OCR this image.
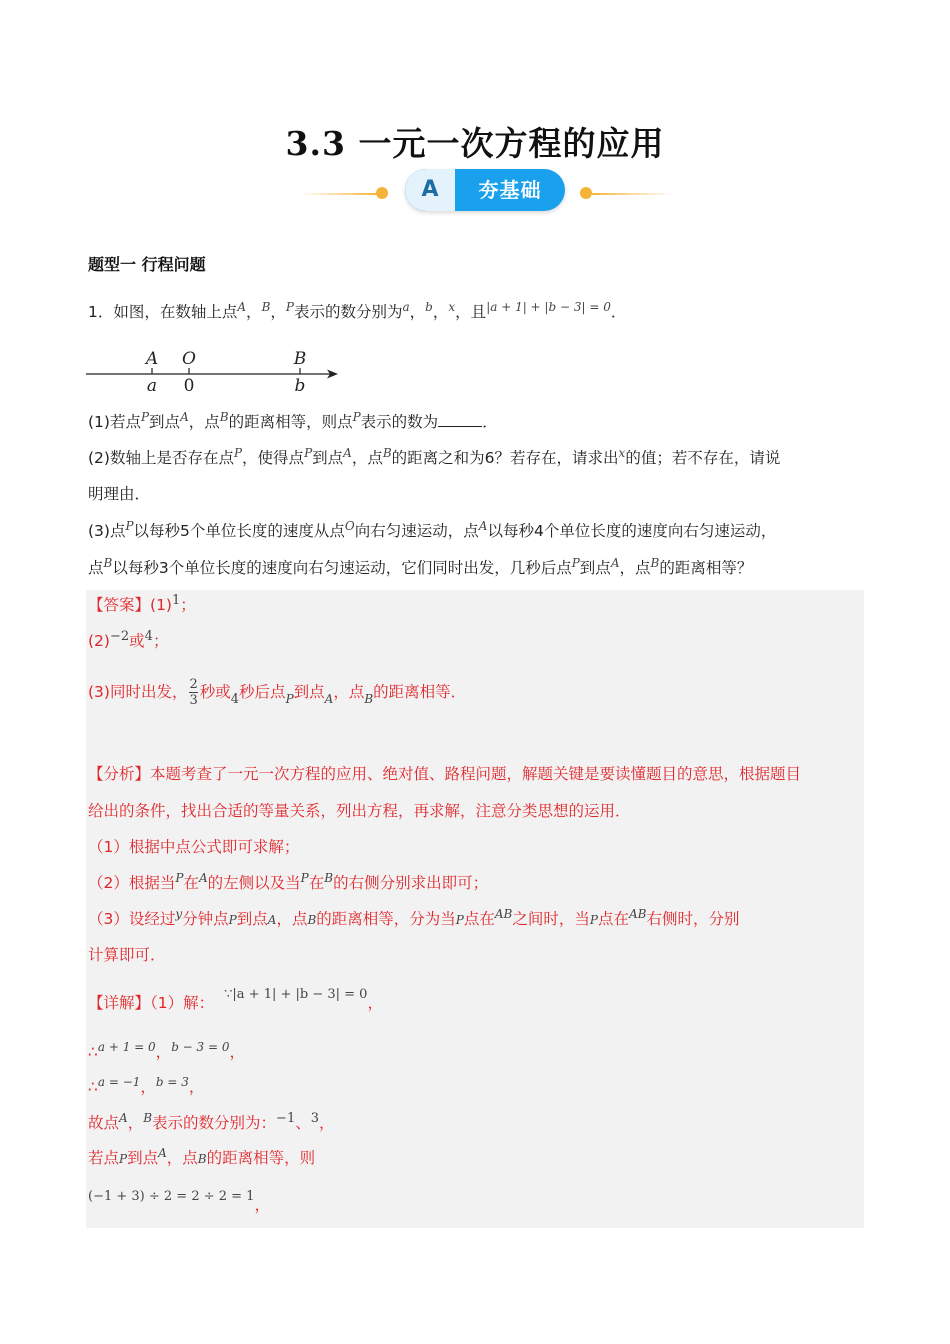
3.3 一元一次方程的应用
A	夯基础
题型一 行程问题
1．如图，在数轴上点$^A$，$^B$，$^P$表示的数分别为$^a$，$^b$，$^x$，且$^{|a + 1| + |b - 3| = 0}$．
A O	B
a 0	b
(1)若点$^P$到点$^A$，点$^B$的距离相等，则点$^P$表示的数为	．
(2)数轴上是否存在点$^P$，使得点$^P$到点$^A$，点$^B$的距离之和为6？若存在，请求出$^x$的值；若不存在，请说
明理由．
(3)点$^P$以每秒5个单位长度的速度从点$^O$向右匀速运动，点$^A$以每秒4个单位长度的速度向右匀速运动，
点$^B$以每秒3个单位长度的速度向右匀速运动，它们同时出发，几秒后点$^P$到点$^A$，点$^B$的距离相等？
【答案】$(1)^1$；
$(2)^{-2}$或$^4$；
(3)同时出发， $\frac{2}{3}$ 秒或$_4$秒后点$_P$到点$_A$，点$_B$的距离相等．
【分析】本题考查了一元一次方程的应用、绝对值、路程问题，解题关键是要读懂题目的意思，根据题目
给出的条件，找出合适的等量关系，列出方程，再求解，注意分类思想的运用．
（1）根据中点公式即可求解；
（2）根据当$^P$在$^A$的左侧以及当$^P$在$^B$的右侧分别求出即可；
（3）设经过$^y$分钟点P到点A，点B的距离相等，分为当P点在$^{AB}$之间时，当P点在$^{AB}$右侧时，分别
计算即可．
【详解】（1）解： $^{\because|a + 1| + |b - 3| = 0}$，
∴$^{a + 1 = 0}$，$^{b - 3 = 0}$，
∴$^{a = -1}$，$^{b = 3}$，
故点$^A$，$^B$表示的数分别为：$^{-1}$、$^3$，
若点P到点$^A$，点B的距离相等，则
(−1 + 3) ÷ 2 = 2 ÷ 2 = 1，
